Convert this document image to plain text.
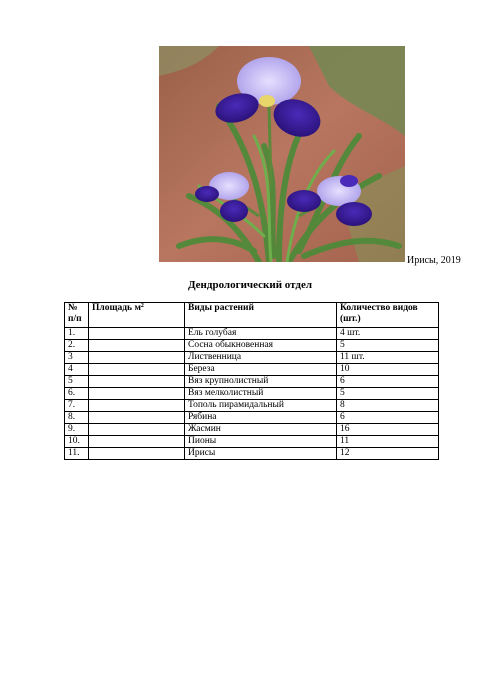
Ирисы, 2019
Дендрологический отдел
№ п/п	Площадь $м^2$	Виды растений	Количество видов (шт.)
1.		Ель голубая	4 шт.
2.		Сосна обыкновенная	5
3		Лиственница	11 шт.
4		Береза	10
5		Вяз крупнолистный	6
6.		Вяз мелколистный	5
7.		Тополь пирамидальный	8
8.		Рябина	6
9.		Жасмин	16
10.		Пионы	11
11.		Ирисы	12
